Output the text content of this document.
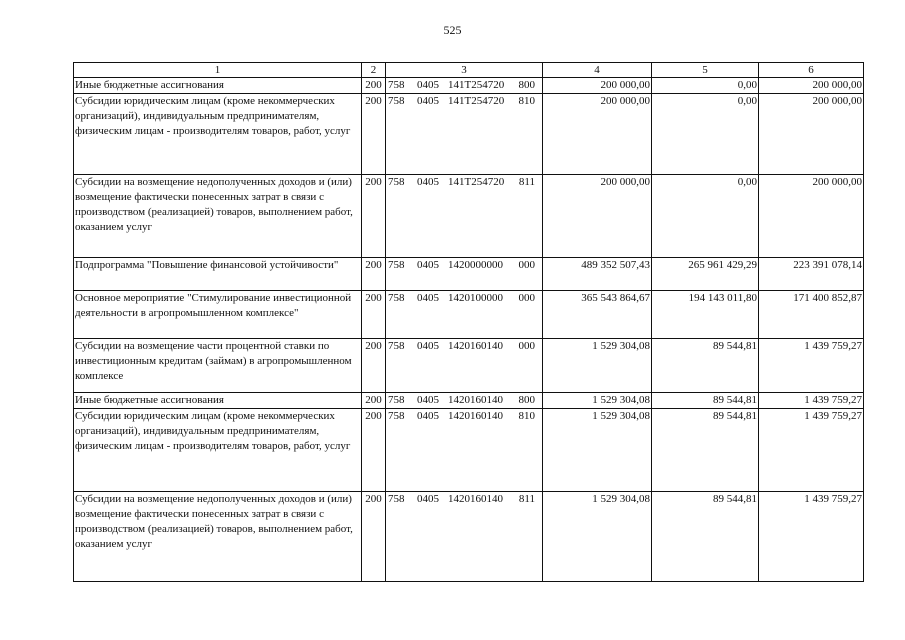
525
1	2	3	4	5	6
Иные бюджетные ассигнования	200	758 0405 141T254720 800	200 000,00	0,00	200 000,00
Субсидии юридическим лицам (кроме некоммерческих организаций), индивидуальным предпринимателям, физическим лицам - производителям товаров, работ, услуг	200	758 0405 141T254720 810	200 000,00	0,00	200 000,00
Субсидии на возмещение недополученных доходов и (или) возмещение фактически понесенных затрат в связи с производством (реализацией) товаров, выполнением работ, оказанием услуг	200	758 0405 141T254720 811	200 000,00	0,00	200 000,00
Подпрограмма "Повышение финансовой устойчивости"	200	758 0405 1420000000 000	489 352 507,43	265 961 429,29	223 391 078,14
Основное мероприятие "Стимулирование инвестиционной деятельности в агропромышленном комплексе"	200	758 0405 1420100000 000	365 543 864,67	194 143 011,80	171 400 852,87
Субсидии на возмещение части процентной ставки по инвестиционным кредитам (займам) в агропромышленном комплексе	200	758 0405 1420160140 000	1 529 304,08	89 544,81	1 439 759,27
Иные бюджетные ассигнования	200	758 0405 1420160140 800	1 529 304,08	89 544,81	1 439 759,27
Субсидии юридическим лицам (кроме некоммерческих организаций), индивидуальным предпринимателям, физическим лицам - производителям товаров, работ, услуг	200	758 0405 1420160140 810	1 529 304,08	89 544,81	1 439 759,27
Субсидии на возмещение недополученных доходов и (или) возмещение фактически понесенных затрат в связи с производством (реализацией) товаров, выполнением работ, оказанием услуг	200	758 0405 1420160140 811	1 529 304,08	89 544,81	1 439 759,27
